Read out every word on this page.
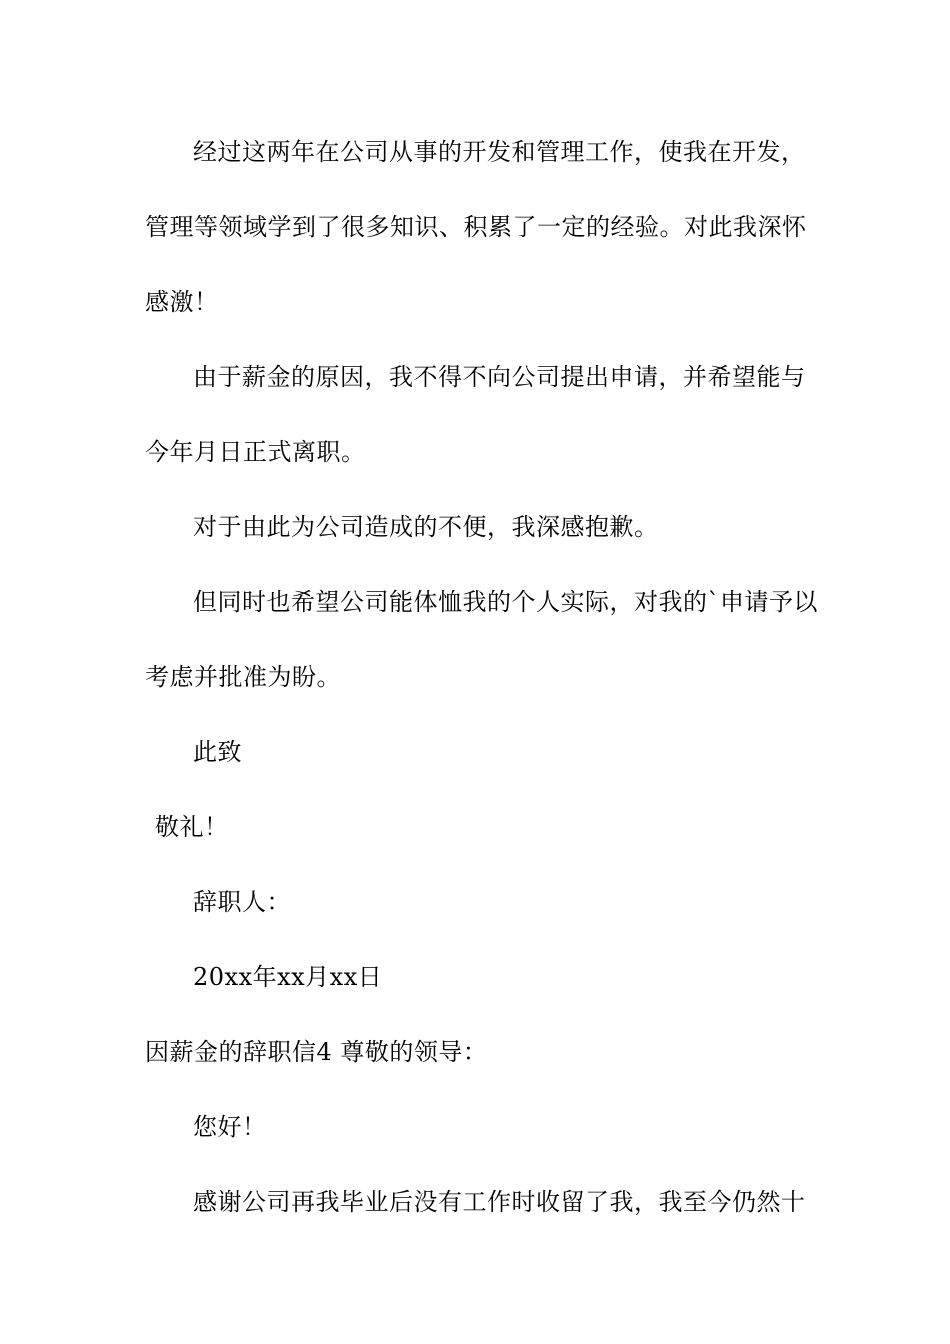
经过这两年在公司从事的开发和管理工作，使我在开发，
管理等领域学到了很多知识、积累了一定的经验。对此我深怀
感激！
由于薪金的原因，我不得不向公司提出申请，并希望能与
今年月日正式离职。
对于由此为公司造成的不便，我深感抱歉。
但同时也希望公司能体恤我的个人实际，对我的`申请予以
考虑并批准为盼。
此致
敬礼！
辞职人：
20xx年xx月xx日
因薪金的辞职信4 尊敬的领导：
您好！
感谢公司再我毕业后没有工作时收留了我，我至今仍然十
